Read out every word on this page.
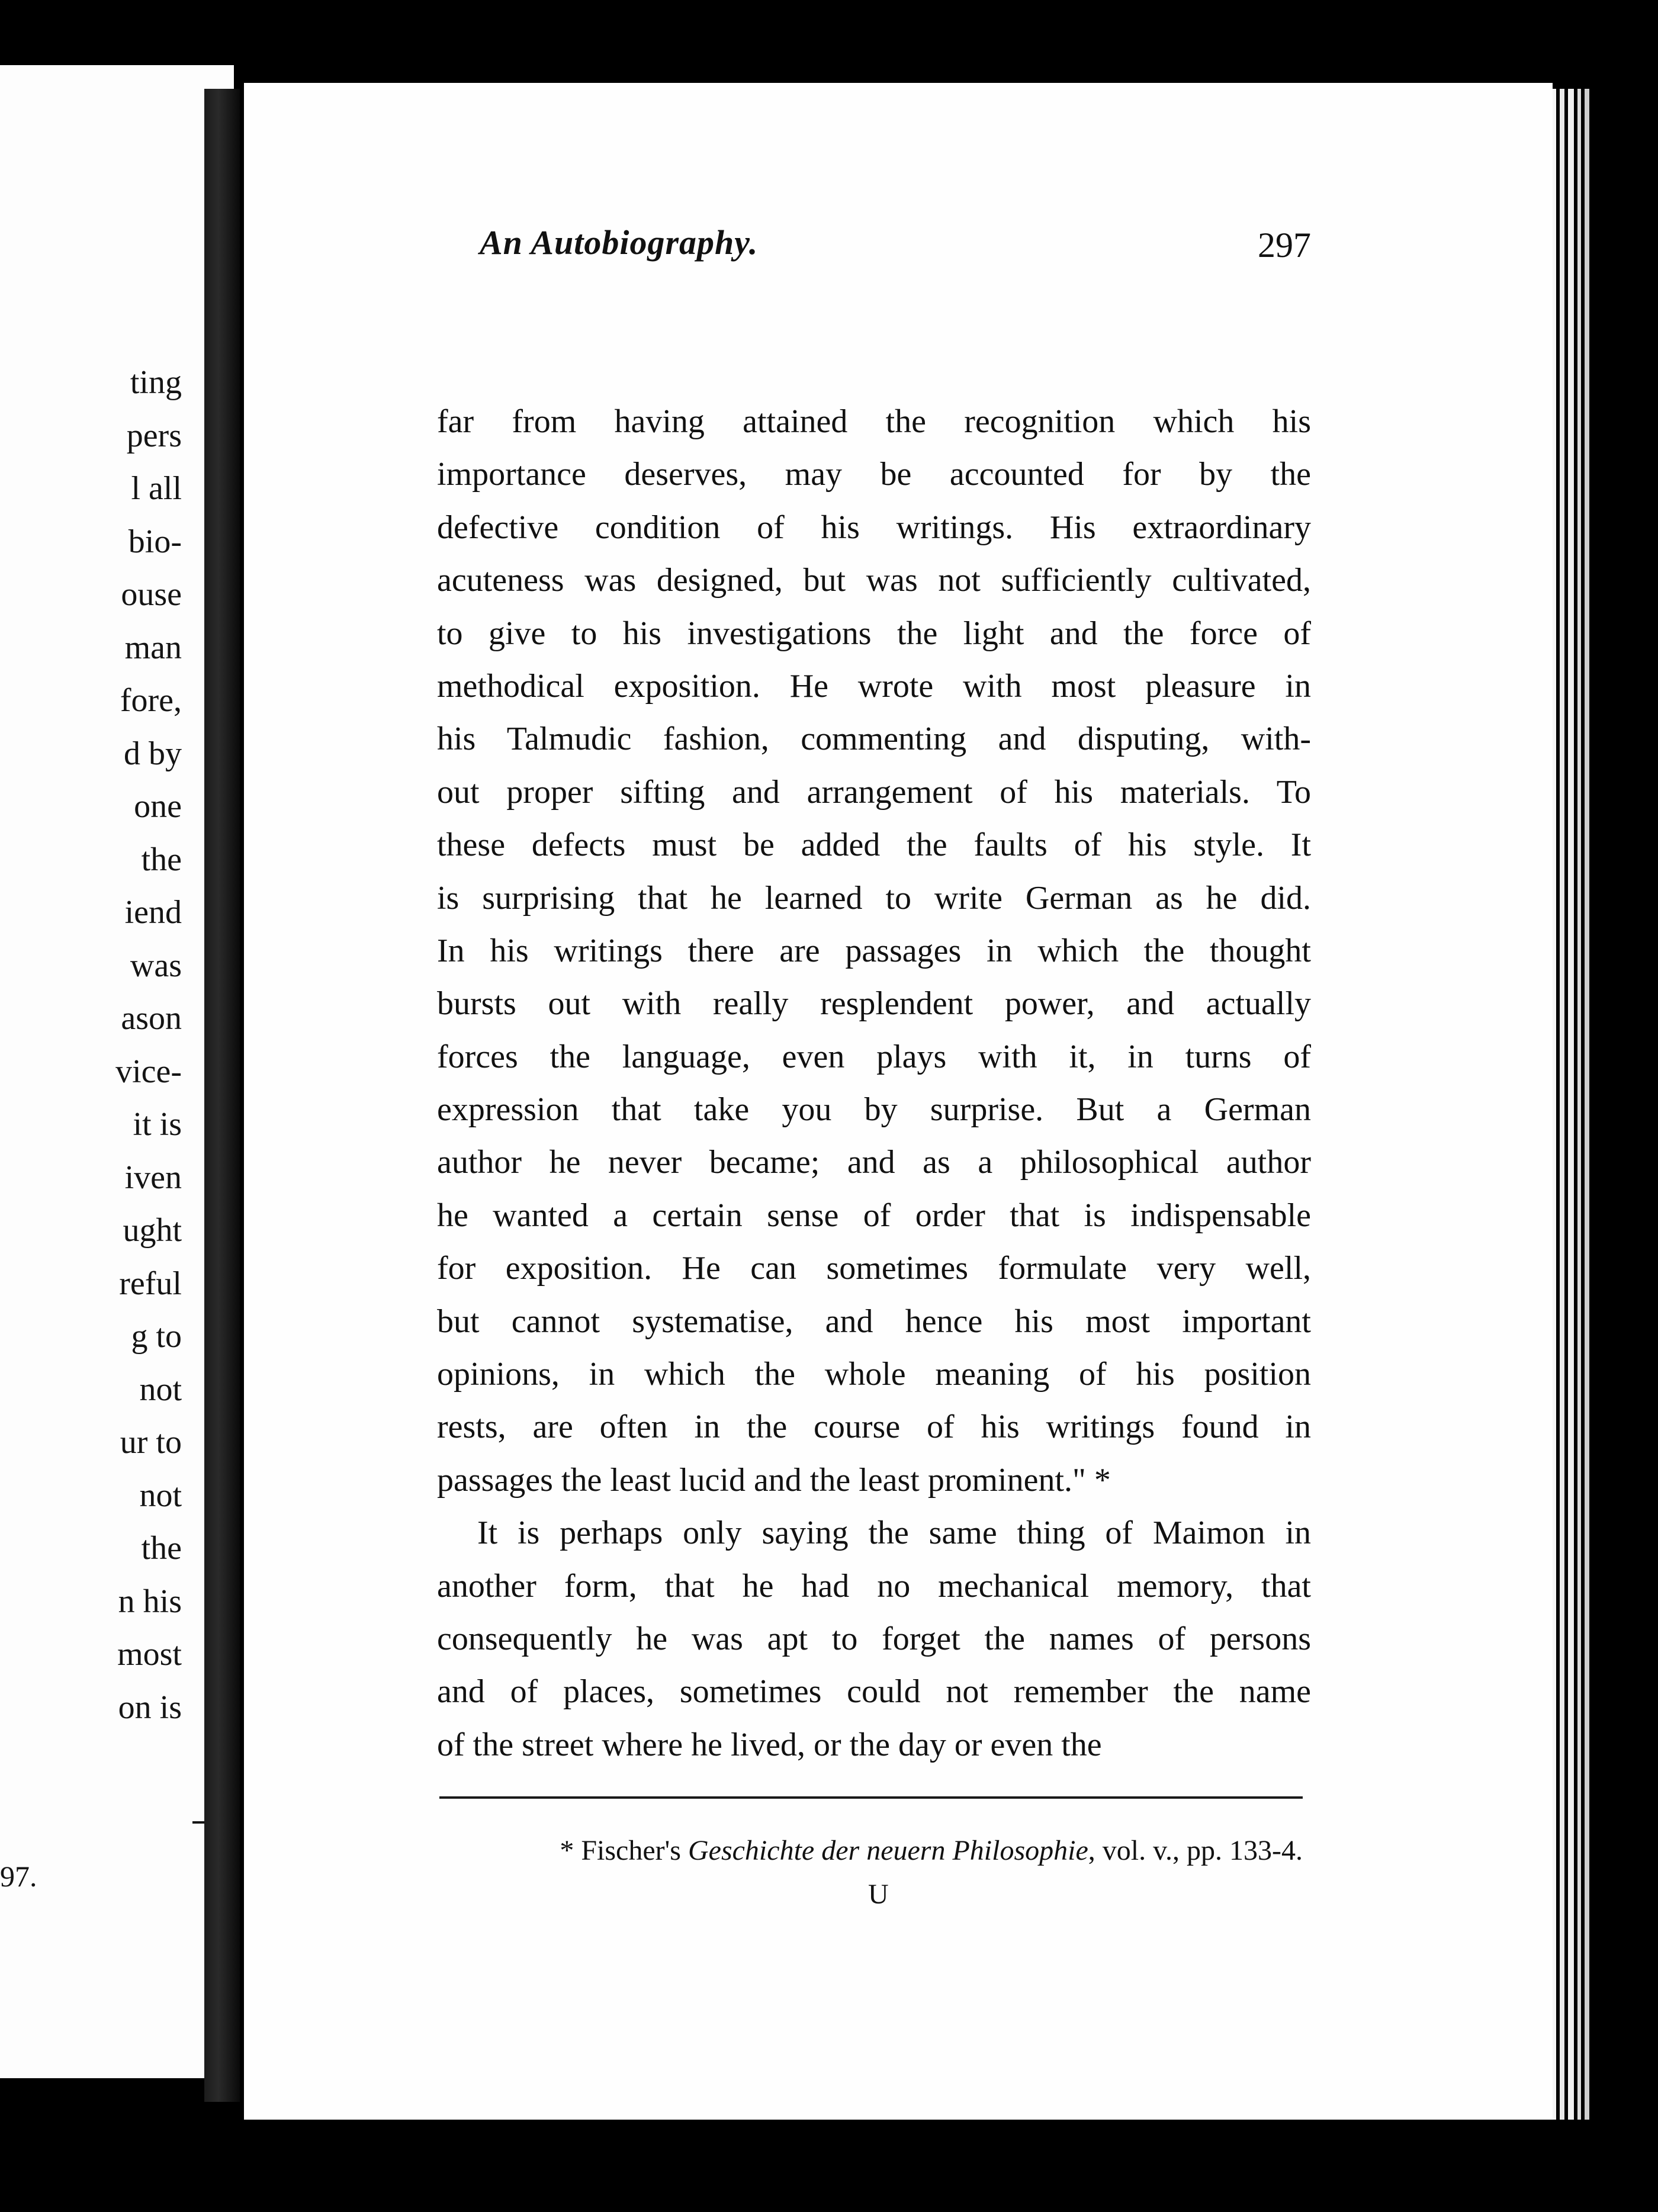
ting
pers
l all
bio-
ouse
man
fore,
d by
one
the
iend
was
ason
vice-
it is
iven
ught
reful
g to
not
ur to
not
the
n his
most
on is
97.
An Autobiography.	297
far from having attained the recognition which his
importance deserves, may be accounted for by the
defective condition of his writings. His extraordinary
acuteness was designed, but was not sufficiently cultivated,
to give to his investigations the light and the force of
methodical exposition. He wrote with most pleasure in
his Talmudic fashion, commenting and disputing, with-
out proper sifting and arrangement of his materials. To
these defects must be added the faults of his style. It
is surprising that he learned to write German as he did.
In his writings there are passages in which the thought
bursts out with really resplendent power, and actually
forces the language, even plays with it, in turns of
expression that take you by surprise. But a German
author he never became; and as a philosophical author
he wanted a certain sense of order that is indispensable
for exposition. He can sometimes formulate very well,
but cannot systematise, and hence his most important
opinions, in which the whole meaning of his position
rests, are often in the course of his writings found in
passages the least lucid and the least prominent." *
It is perhaps only saying the same thing of Maimon in
another form, that he had no mechanical memory, that
consequently he was apt to forget the names of persons
and of places, sometimes could not remember the name
of the street where he lived, or the day or even the
* Fischer's Geschichte der neuern Philosophie, vol. v., pp. 133-4.
U
